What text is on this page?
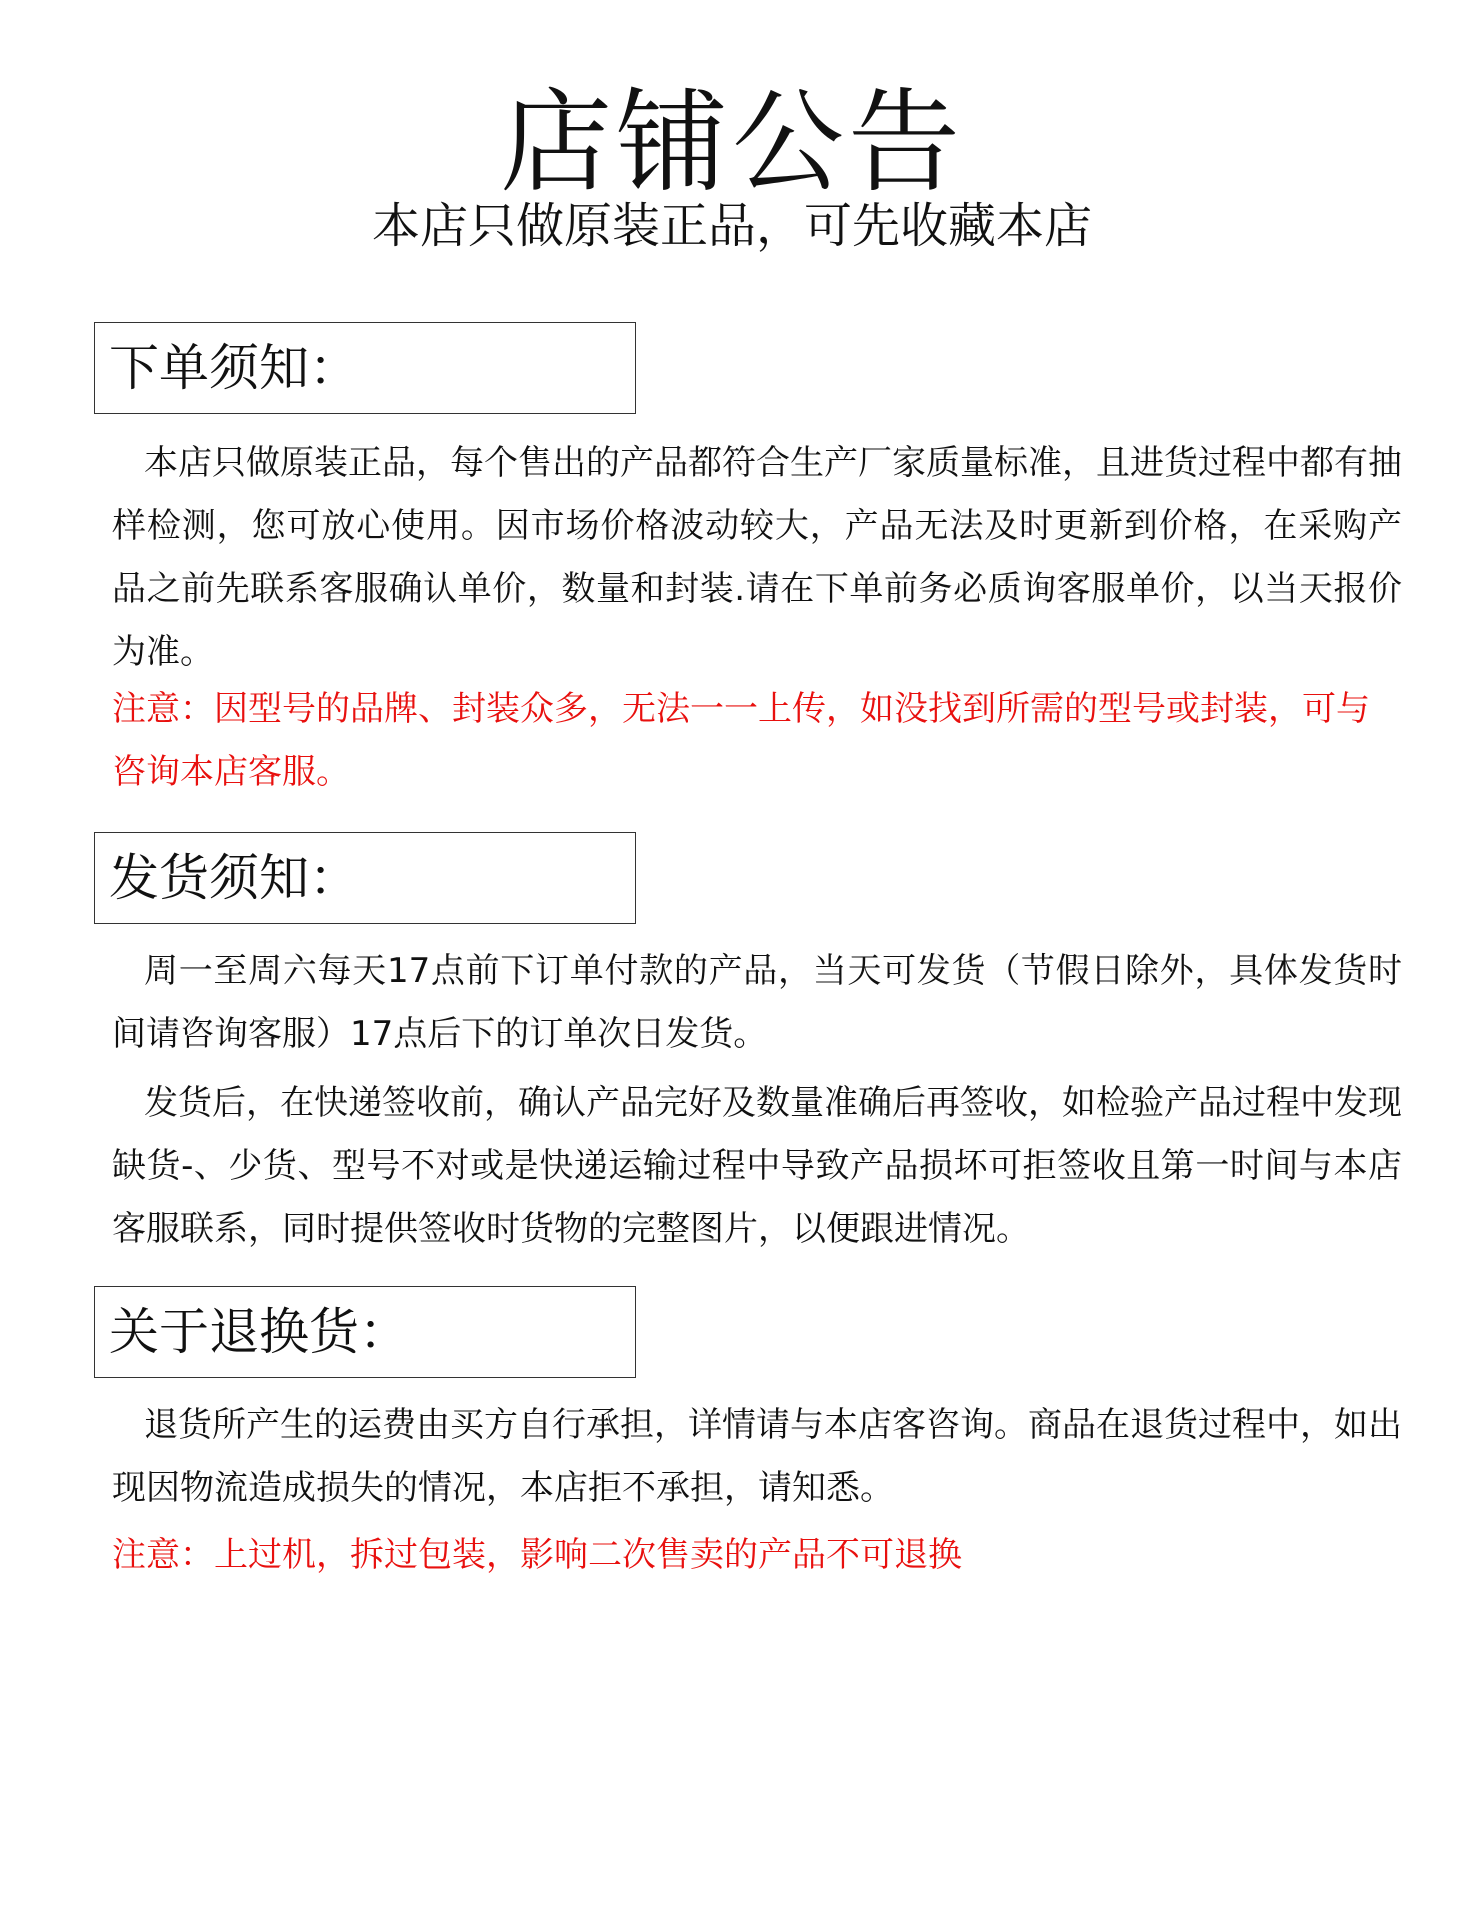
店铺公告

本店只做原装正品，可先收藏本店

下单须知：

本店只做原装正品，每个售出的产品都符合生产厂家质量标准，且进货过程中都有抽样检测，您可放心使用。因市场价格波动较大，产品无法及时更新到价格，在采购产品之前先联系客服确认单价，数量和封装.请在下单前务必质询客服单价，以当天报价为准。

注意：因型号的品牌、封装众多，无法一一上传，如没找到所需的型号或封装，可与咨询本店客服。

发货须知：

周一至周六每天17点前下订单付款的产品，当天可发货（节假日除外，具体发货时间请咨询客服）17点后下的订单次日发货。

发货后，在快递签收前，确认产品完好及数量准确后再签收，如检验产品过程中发现缺货-、少货、型号不对或是快递运输过程中导致产品损坏可拒签收且第一时间与本店客服联系，同时提供签收时货物的完整图片，以便跟进情况。

关于退换货：

退货所产生的运费由买方自行承担，详情请与本店客咨询。商品在退货过程中，如出现因物流造成损失的情况，本店拒不承担，请知悉。

注意：上过机，拆过包装，影响二次售卖的产品不可退换
